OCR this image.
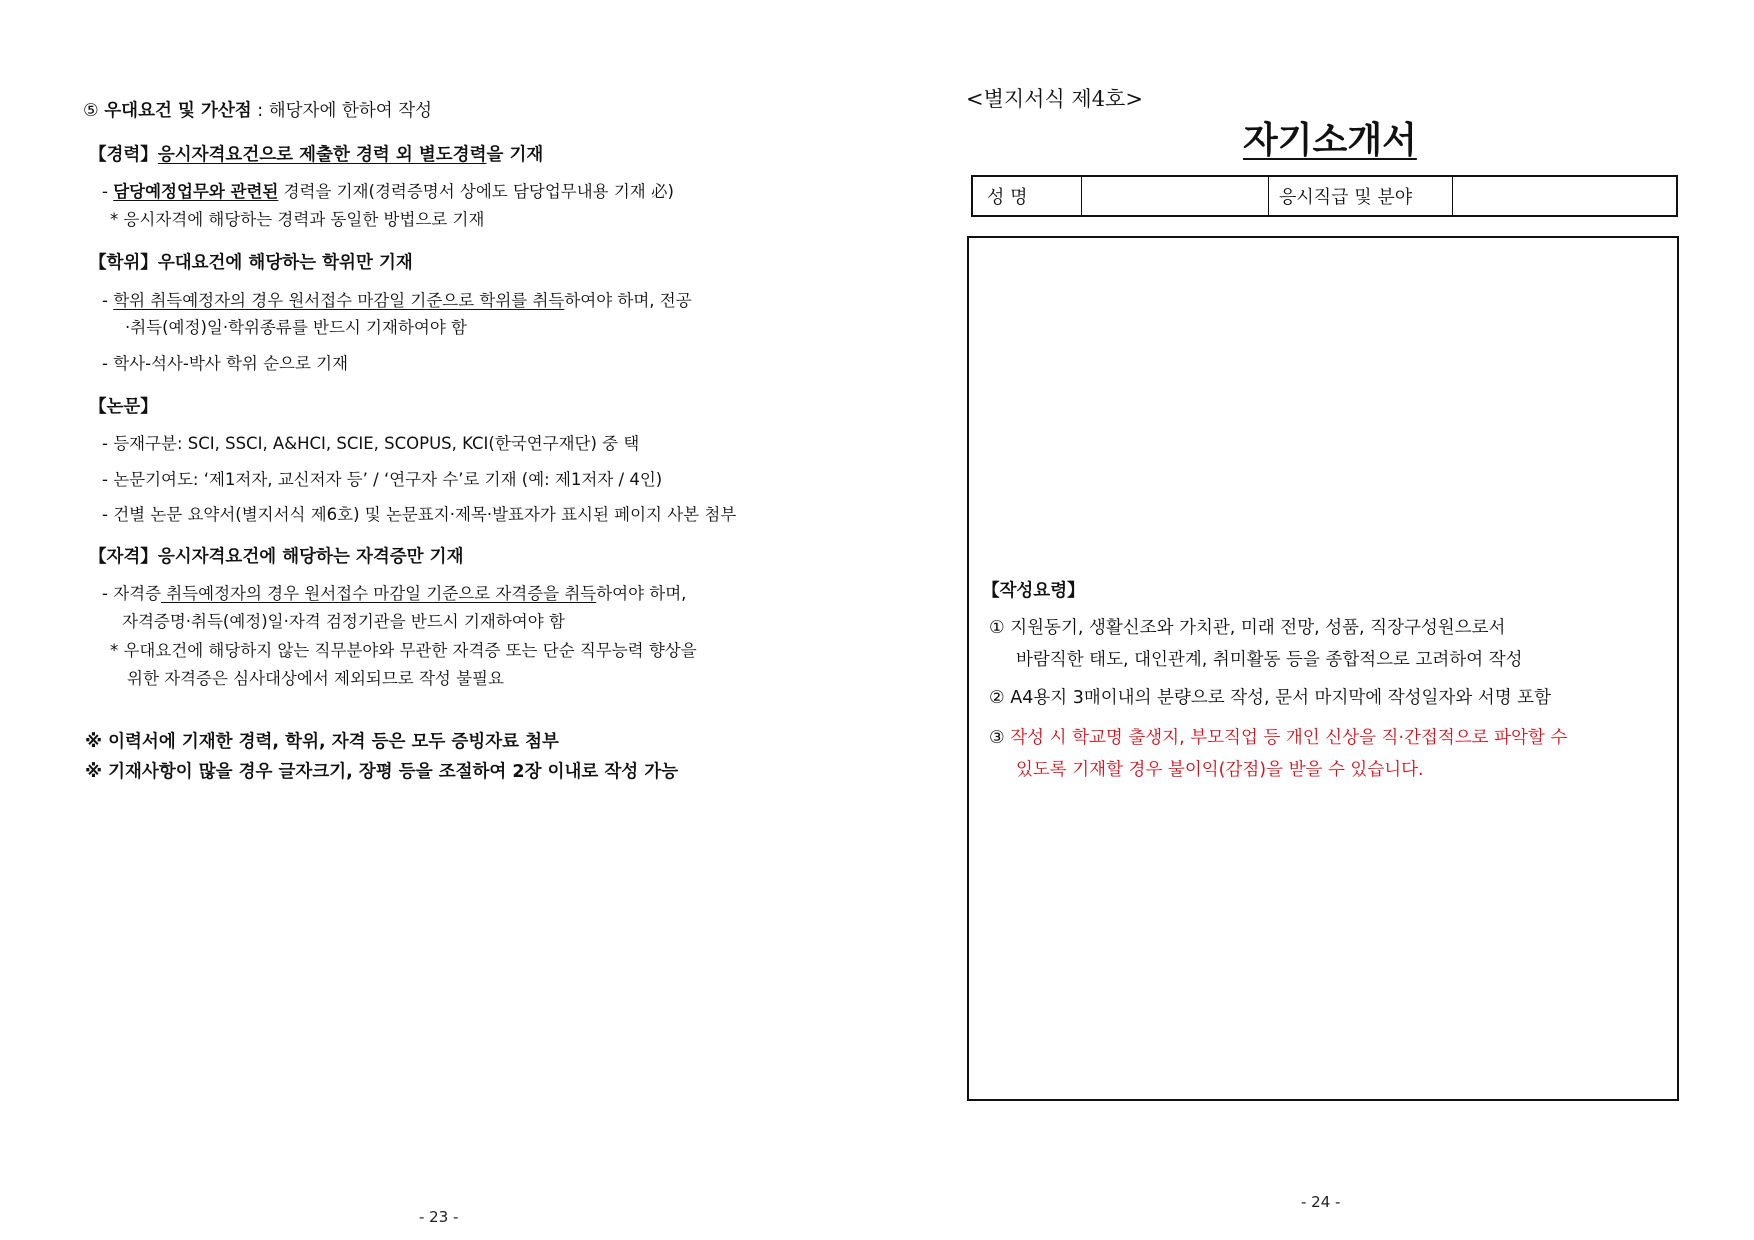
⑤ 우대요건 및 가산점 : 해당자에 한하여 작성
【경력】응시자격요건으로 제출한 경력 외 별도경력을 기재
- 담당예정업무와 관련된 경력을 기재(경력증명서 상에도 담당업무내용 기재 必)
* 응시자격에 해당하는 경력과 동일한 방법으로 기재
【학위】우대요건에 해당하는 학위만 기재
- 학위 취득예정자의 경우 원서접수 마감일 기준으로 학위를 취득하여야 하며, 전공
·취득(예정)일·학위종류를 반드시 기재하여야 함
- 학사-석사-박사 학위 순으로 기재
【논문】
- 등재구분: SCI, SSCI, A&HCI, SCIE, SCOPUS, KCI(한국연구재단) 중 택
- 논문기여도: ‘제1저자, 교신저자 등’ / ‘연구자 수’로 기재 (예: 제1저자 / 4인)
- 건별 논문 요약서(별지서식 제6호) 및 논문표지·제목·발표자가 표시된 페이지 사본 첨부
【자격】응시자격요건에 해당하는 자격증만 기재
- 자격증 취득예정자의 경우 원서접수 마감일 기준으로 자격증을 취득하여야 하며,
자격증명·취득(예정)일·자격 검정기관을 반드시 기재하여야 함
* 우대요건에 해당하지 않는 직무분야와 무관한 자격증 또는 단순 직무능력 향상을
위한 자격증은 심사대상에서 제외되므로 작성 불필요
※ 이력서에 기재한 경력, 학위, 자격 등은 모두 증빙자료 첨부
※ 기재사항이 많을 경우 글자크기, 장평 등을 조절하여 2장 이내로 작성 가능
- 23 -
<별지서식 제4호>
자기소개서
성 명		응시직급 및 분야	
【작성요령】
① 지원동기, 생활신조와 가치관, 미래 전망, 성품, 직장구성원으로서
바람직한 태도, 대인관계, 취미활동 등을 종합적으로 고려하여 작성
② A4용지 3매이내의 분량으로 작성, 문서 마지막에 작성일자와 서명 포함
③ 작성 시 학교명 출생지, 부모직업 등 개인 신상을 직·간접적으로 파악할 수
있도록 기재할 경우 불이익(감점)을 받을 수 있습니다.
- 24 -
